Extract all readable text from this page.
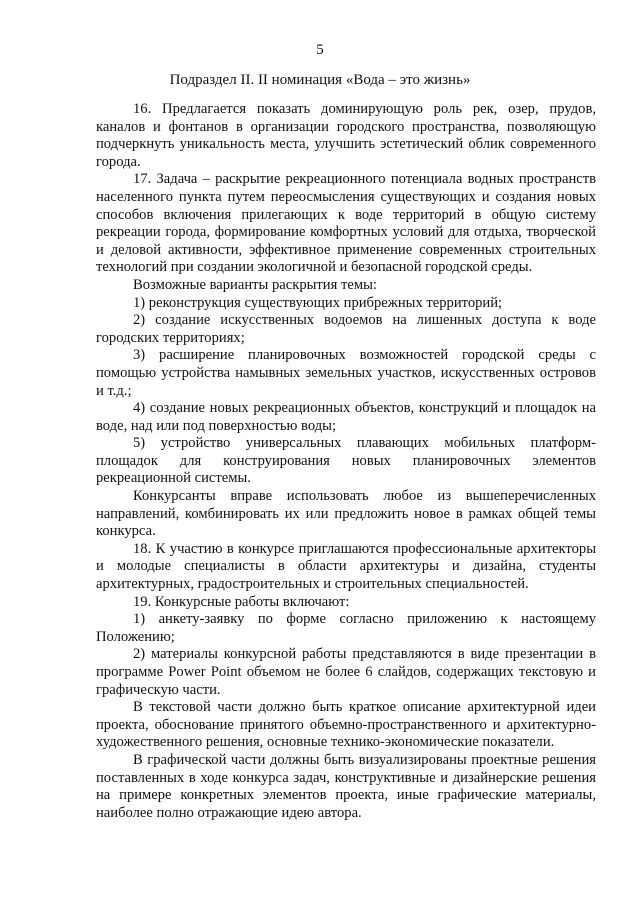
5
Подраздел II. II номинация «Вода – это жизнь»

16. Предлагается показать доминирующую роль рек, озер, прудов, каналов и фонтанов в организации городского пространства, позволяющую подчеркнуть уникальность места, улучшить эстетический облик современного города.

17. Задача – раскрытие рекреационного потенциала водных пространств населенного пункта путем переосмысления существующих и создания новых способов включения прилегающих к воде территорий в общую систему рекреации города, формирование комфортных условий для отдыха, творческой и деловой активности, эффективное применение современных строительных технологий при создании экологичной и безопасной городской среды.

Возможные варианты раскрытия темы:

1) реконструкция существующих прибрежных территорий;

2) создание искусственных водоемов на лишенных доступа к воде городских территориях;

3) расширение планировочных возможностей городской среды с помощью устройства намывных земельных участков, искусственных островов и т.д.;

4) создание новых рекреационных объектов, конструкций и площадок на воде, над или под поверхностью воды;

5) устройство универсальных плавающих мобильных платформ-площадок для конструирования новых планировочных элементов рекреационной системы.

Конкурсанты вправе использовать любое из вышеперечисленных направлений, комбинировать их или предложить новое в рамках общей темы конкурса.

18. К участию в конкурсе приглашаются профессиональные архитекторы и молодые специалисты в области архитектуры и дизайна, студенты архитектурных, градостроительных и строительных специальностей.

19. Конкурсные работы включают:

1) анкету-заявку по форме согласно приложению к настоящему Положению;

2) материалы конкурсной работы представляются в виде презентации в программе Power Point объемом не более 6 слайдов, содержащих текстовую и графическую части.

В текстовой части должно быть краткое описание архитектурной идеи проекта, обоснование принятого объемно-пространственного и архитектурно-художественного решения, основные технико-экономические показатели.

В графической части должны быть визуализированы проектные решения поставленных в ходе конкурса задач, конструктивные и дизайнерские решения на примере конкретных элементов проекта, иные графические материалы, наиболее полно отражающие идею автора.
